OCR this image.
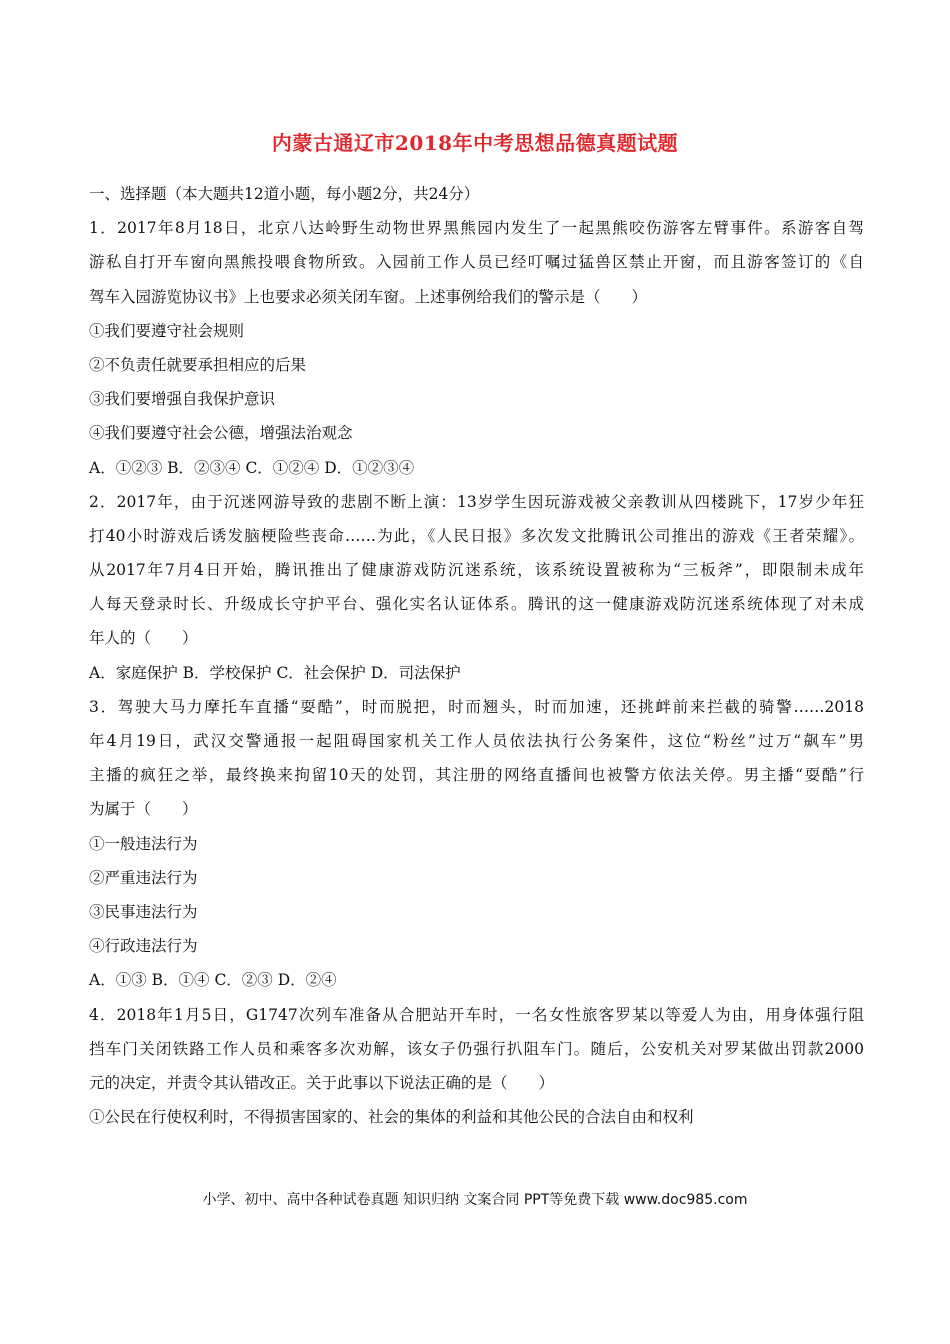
内蒙古通辽市2018年中考思想品德真题试题
一、选择题（本大题共12道小题，每小题2分，共24分）
1．2017年8月18日，北京八达岭野生动物世界黑熊园内发生了一起黑熊咬伤游客左臂事件。系游客自驾
游私自打开车窗向黑熊投喂食物所致。入园前工作人员已经叮嘱过猛兽区禁止开窗，而且游客签订的《自
驾车入园游览协议书》上也要求必须关闭车窗。上述事例给我们的警示是（　　）
①我们要遵守社会规则
②不负责任就要承担相应的后果
③我们要增强自我保护意识
④我们要遵守社会公德，增强法治观念
A．①②③ B．②③④ C．①②④ D．①②③④
2．2017年，由于沉迷网游导致的悲剧不断上演：13岁学生因玩游戏被父亲教训从四楼跳下，17岁少年狂
打40小时游戏后诱发脑梗险些丧命……为此，《人民日报》多次发文批腾讯公司推出的游戏《王者荣耀》。
从2017年7月4日开始，腾讯推出了健康游戏防沉迷系统，该系统设置被称为“三板斧”，即限制未成年
人每天登录时长、升级成长守护平台、强化实名认证体系。腾讯的这一健康游戏防沉迷系统体现了对未成
年人的（　　）
A．家庭保护 B．学校保护 C．社会保护 D．司法保护
3．驾驶大马力摩托车直播“耍酷”，时而脱把，时而翘头，时而加速，还挑衅前来拦截的骑警……2018
年4月19日，武汉交警通报一起阻碍国家机关工作人员依法执行公务案件，这位“粉丝”过万“飙车”男
主播的疯狂之举，最终换来拘留10天的处罚，其注册的网络直播间也被警方依法关停。男主播“耍酷”行
为属于（　　）
①一般违法行为
②严重违法行为
③民事违法行为
④行政违法行为
A．①③ B．①④ C．②③ D．②④
4．2018年1月5日，G1747次列车准备从合肥站开车时，一名女性旅客罗某以等爱人为由，用身体强行阻
挡车门关闭铁路工作人员和乘客多次劝解，该女子仍强行扒阻车门。随后，公安机关对罗某做出罚款2000
元的决定，并责令其认错改正。关于此事以下说法正确的是（　　）
①公民在行使权利时，不得损害国家的、社会的集体的利益和其他公民的合法自由和权利
小学、初中、高中各种试卷真题 知识归纳 文案合同 PPT等免费下载 www.doc985.com
